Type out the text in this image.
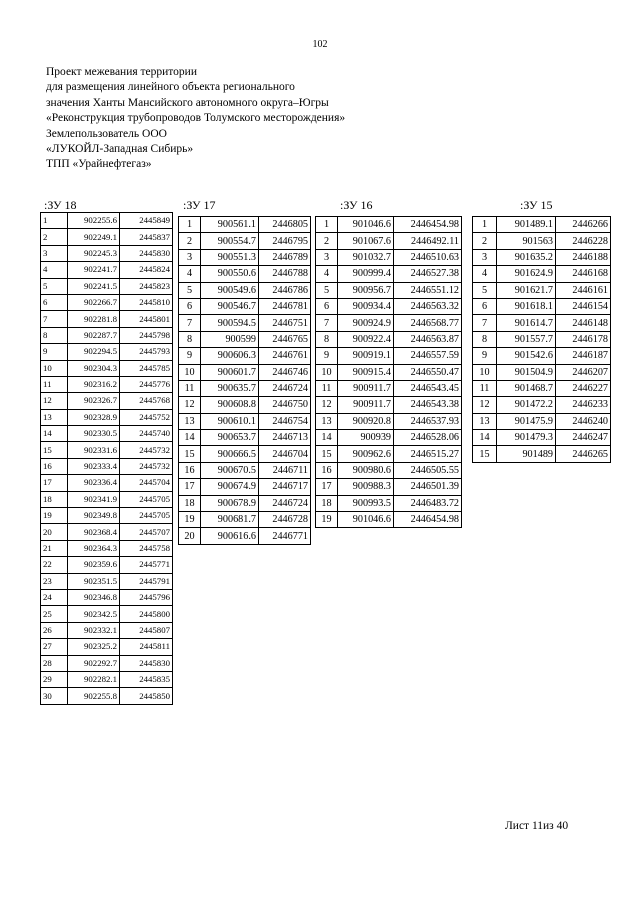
102
Проект межевания территории
для размещения линейного объекта регионального
значения Ханты Мансийского автономного округа–Югры
«Реконструкция трубопроводов Толумского месторождения»
Землепользователь ООО
«ЛУКОЙЛ-Западная Сибирь»
ТПП «Урайнефтегаз»
:ЗУ 18	:ЗУ 17	:ЗУ 16	:ЗУ 15
1	902255.6	2445849
2	902249.1	2445837
3	902245.3	2445830
4	902241.7	2445824
5	902241.5	2445823
6	902266.7	2445810
7	902281.8	2445801
8	902287.7	2445798
9	902294.5	2445793
10	902304.3	2445785
11	902316.2	2445776
12	902326.7	2445768
13	902328.9	2445752
14	902330.5	2445740
15	902331.6	2445732
16	902333.4	2445732
17	902336.4	2445704
18	902341.9	2445705
19	902349.8	2445705
20	902368.4	2445707
21	902364.3	2445758
22	902359.6	2445771
23	902351.5	2445791
24	902346.8	2445796
25	902342.5	2445800
26	902332.1	2445807
27	902325.2	2445811
28	902292.7	2445830
29	902282.1	2445835
30	902255.8	2445850
1	900561.1	2446805
2	900554.7	2446795
3	900551.3	2446789
4	900550.6	2446788
5	900549.6	2446786
6	900546.7	2446781
7	900594.5	2446751
8	900599	2446765
9	900606.3	2446761
10	900601.7	2446746
11	900635.7	2446724
12	900608.8	2446750
13	900610.1	2446754
14	900653.7	2446713
15	900666.5	2446704
16	900670.5	2446711
17	900674.9	2446717
18	900678.9	2446724
19	900681.7	2446728
20	900616.6	2446771
1	901046.6	2446454.98
2	901067.6	2446492.11
3	901032.7	2446510.63
4	900999.4	2446527.38
5	900956.7	2446551.12
6	900934.4	2446563.32
7	900924.9	2446568.77
8	900922.4	2446563.87
9	900919.1	2446557.59
10	900915.4	2446550.47
11	900911.7	2446543.45
12	900911.7	2446543.38
13	900920.8	2446537.93
14	900939	2446528.06
15	900962.6	2446515.27
16	900980.6	2446505.55
17	900988.3	2446501.39
18	900993.5	2446483.72
19	901046.6	2446454.98
1	901489.1	2446266
2	901563	2446228
3	901635.2	2446188
4	901624.9	2446168
5	901621.7	2446161
6	901618.1	2446154
7	901614.7	2446148
8	901557.7	2446178
9	901542.6	2446187
10	901504.9	2446207
11	901468.7	2446227
12	901472.2	2446233
13	901475.9	2446240
14	901479.3	2446247
15	901489	2446265
Лист 11из 40
